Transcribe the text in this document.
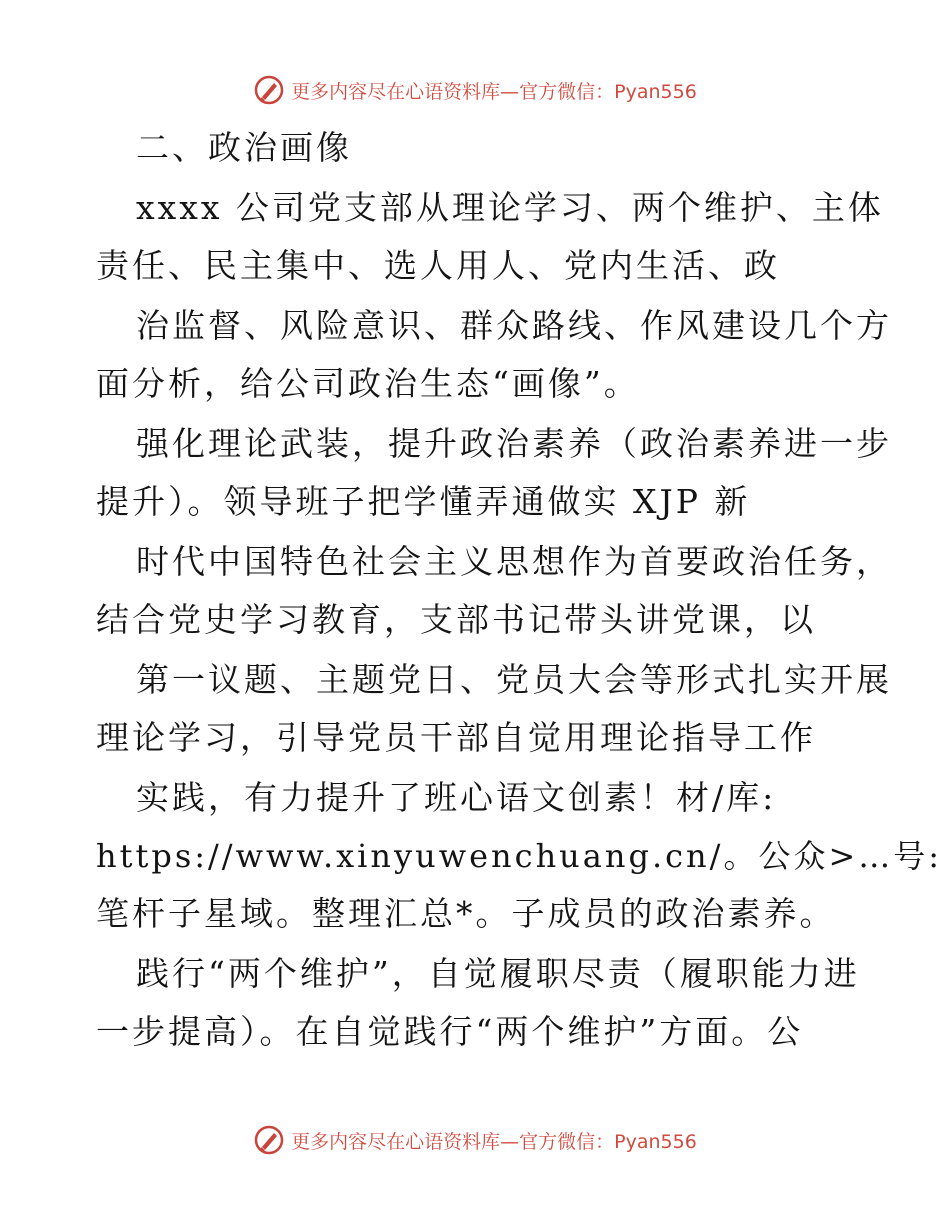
更多内容尽在心语资料库—官方微信：Pyan556
二、政治画像
xxxx 公司党支部从理论学习、两个维护、主体
责任、民主集中、选人用人、党内生活、政
治监督、风险意识、群众路线、作风建设几个方
面分析，给公司政治生态“画像”。
强化理论武装，提升政治素养（政治素养进一步
提升）。领导班子把学懂弄通做实 XJP 新
时代中国特色社会主义思想作为首要政治任务，
结合党史学习教育，支部书记带头讲党课，以
第一议题、主题党日、党员大会等形式扎实开展
理论学习，引导党员干部自觉用理论指导工作
实践，有力提升了班心语文创素！材/库:
https://www.xinyuwenchuang.cn/。公众>…号:
笔杆子星域。整理汇总*。子成员的政治素养。
践行“两个维护”，自觉履职尽责（履职能力进
一步提高）。在自觉践行“两个维护”方面。公
更多内容尽在心语资料库—官方微信：Pyan556
